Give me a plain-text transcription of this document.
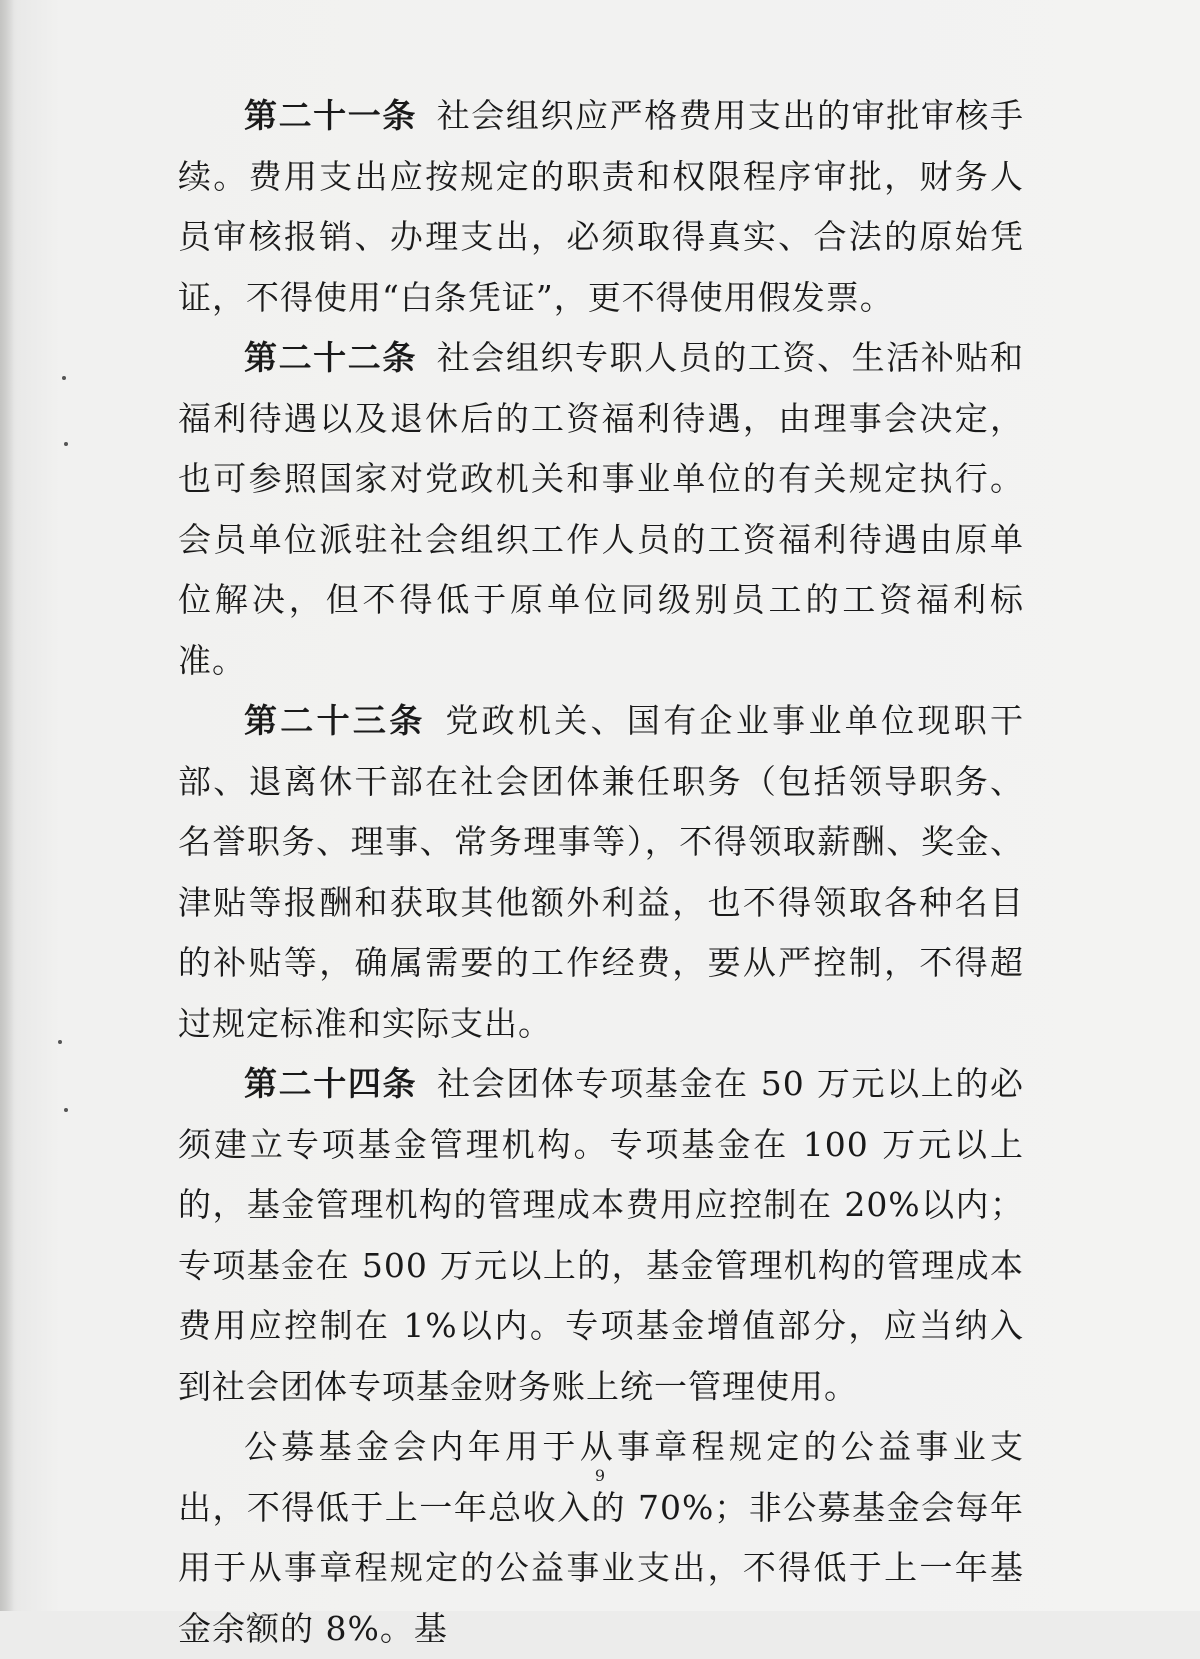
第二十一条 社会组织应严格费用支出的审批审核手续。费用支出应按规定的职责和权限程序审批，财务人员审核报销、办理支出，必须取得真实、合法的原始凭证，不得使用“白条凭证”，更不得使用假发票。

第二十二条 社会组织专职人员的工资、生活补贴和福利待遇以及退休后的工资福利待遇，由理事会决定，也可参照国家对党政机关和事业单位的有关规定执行。会员单位派驻社会组织工作人员的工资福利待遇由原单位解决，但不得低于原单位同级别员工的工资福利标准。

第二十三条 党政机关、国有企业事业单位现职干部、退离休干部在社会团体兼任职务（包括领导职务、名誉职务、理事、常务理事等），不得领取薪酬、奖金、津贴等报酬和获取其他额外利益，也不得领取各种名目的补贴等，确属需要的工作经费，要从严控制，不得超过规定标准和实际支出。

第二十四条 社会团体专项基金在 50 万元以上的必须建立专项基金管理机构。专项基金在 100 万元以上的，基金管理机构的管理成本费用应控制在 20%以内；专项基金在 500 万元以上的，基金管理机构的管理成本费用应控制在 1%以内。专项基金增值部分，应当纳入到社会团体专项基金财务账上统一管理使用。

公募基金会内年用于从事章程规定的公益事业支出，不得低于上一年总收入的 70%；非公募基金会每年用于从事章程规定的公益事业支出，不得低于上一年基金余额的 8%。基

9
